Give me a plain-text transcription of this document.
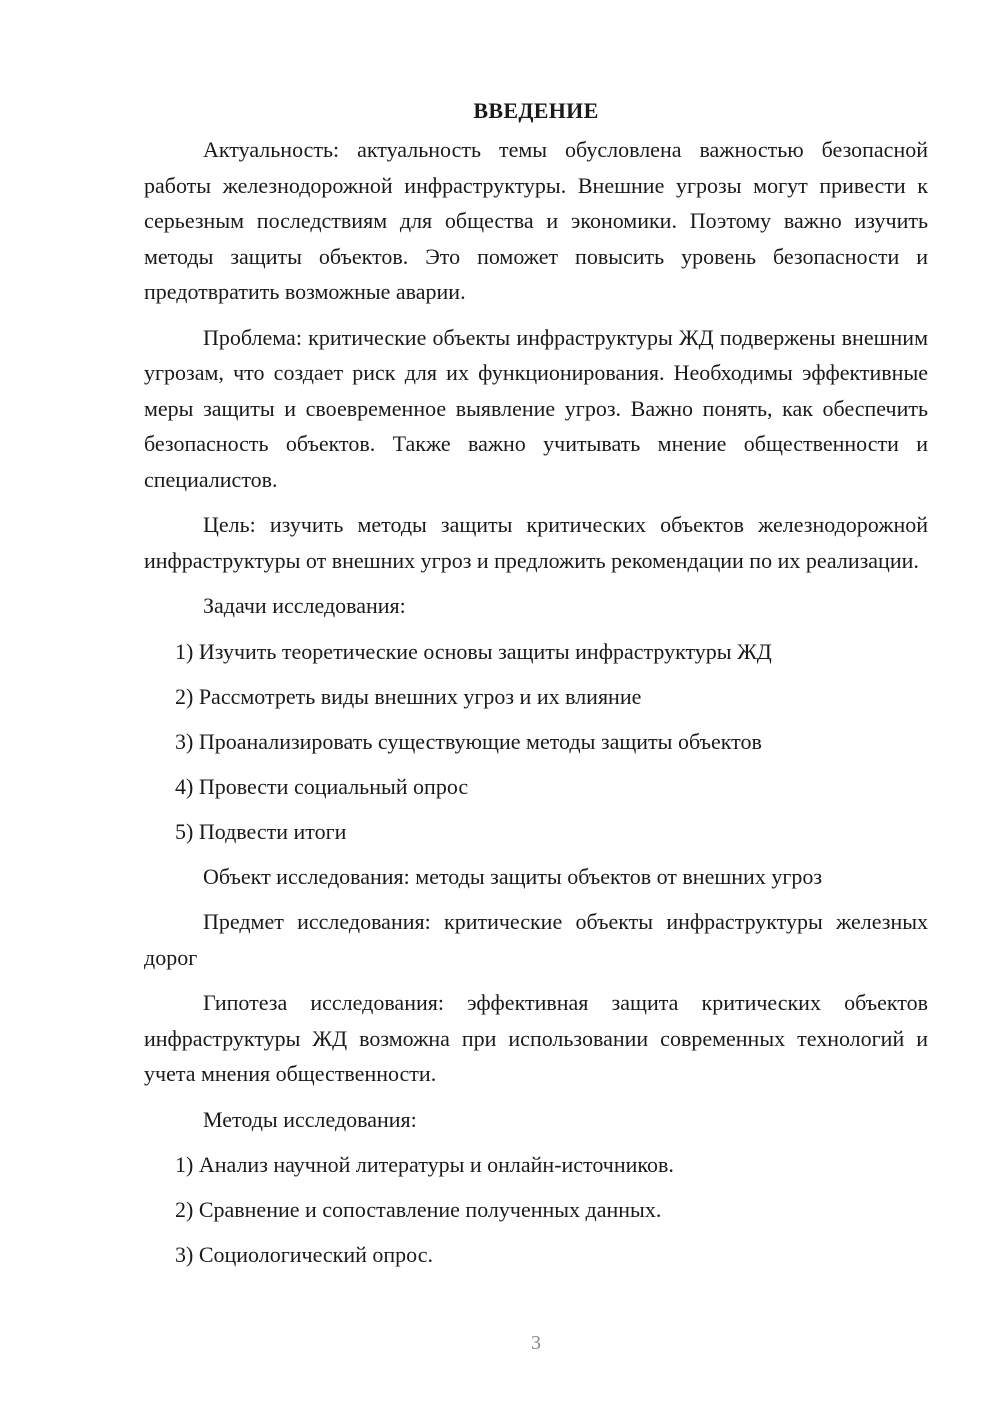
ВВЕДЕНИЕ

Актуальность: актуальность темы обусловлена важностью безопасной работы железнодорожной инфраструктуры. Внешние угрозы могут привести к серьезным последствиям для общества и экономики. Поэтому важно изучить методы защиты объектов. Это поможет повысить уровень безопасности и предотвратить возможные аварии.

Проблема: критические объекты инфраструктуры ЖД подвержены внешним угрозам, что создает риск для их функционирования. Необходимы эффективные меры защиты и своевременное выявление угроз. Важно понять, как обеспечить безопасность объектов. Также важно учитывать мнение общественности и специалистов.

Цель: изучить методы защиты критических объектов железнодорожной инфраструктуры от внешних угроз и предложить рекомендации по их реализации.

Задачи исследования:

1) Изучить теоретические основы защиты инфраструктуры ЖД
2) Рассмотреть виды внешних угроз и их влияние
3) Проанализировать существующие методы защиты объектов
4) Провести социальный опрос
5) Подвести итоги

Объект исследования: методы защиты объектов от внешних угроз

Предмет исследования: критические объекты инфраструктуры железных дорог

Гипотеза исследования: эффективная защита критических объектов инфраструктуры ЖД возможна при использовании современных технологий и учета мнения общественности.

Методы исследования:

1) Анализ научной литературы и онлайн-источников.
2) Сравнение и сопоставление полученных данных.
3) Социологический опрос.
3
